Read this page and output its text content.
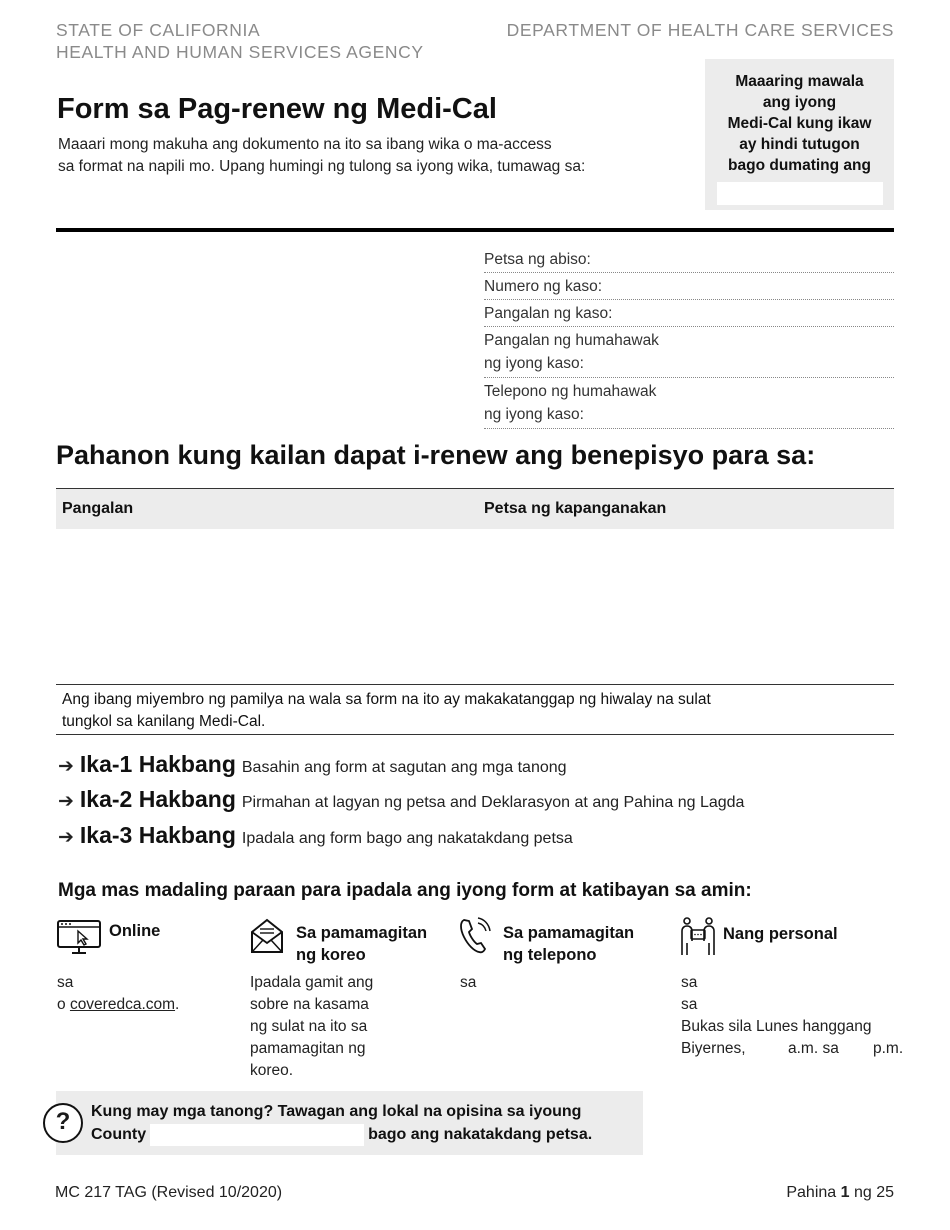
STATE OF CALIFORNIA
HEALTH AND HUMAN SERVICES AGENCY
DEPARTMENT OF HEALTH CARE SERVICES
Form sa Pag-renew ng Medi-Cal
Maaari mong makuha ang dokumento na ito sa ibang wika o ma-access
sa format na napili mo. Upang humingi ng tulong sa iyong wika, tumawag sa:
Maaaring mawala
ang iyong
Medi-Cal kung ikaw
ay hindi tutugon
bago dumating ang
Petsa ng abiso:
Numero ng kaso:
Pangalan ng kaso:
Pangalan ng humahawak
ng iyong kaso:
Telepono ng humahawak
ng iyong kaso:
Pahanon kung kailan dapat i-renew ang benepisyo para sa:
Pangalan	Petsa ng kapanganakan
Ang ibang miyembro ng pamilya na wala sa form na ito ay makakatanggap ng hiwalay na sulat
tungkol sa kanilang Medi-Cal.
➔ Ika-1 Hakbang Basahin ang form at sagutan ang mga tanong
➔ Ika-2 Hakbang Pirmahan at lagyan ng petsa and Deklarasyon at ang Pahina ng Lagda
➔ Ika-3 Hakbang Ipadala ang form bago ang nakatakdang petsa
Mga mas madaling paraan para ipadala ang iyong form at katibayan sa amin:
Online
sa
o coveredca.com.
Sa pamamagitan
ng koreo
Ipadala gamit ang
sobre na kasama
ng sulat na ito sa
pamamagitan ng
koreo.
Sa pamamagitan
ng telepono
sa
Nang personal
sa
sa
Bukas sila Lunes hanggang
Biyernes,	a.m. sa p.m.
Kung may mga tanong? Tawagan ang lokal na opisina sa iyoung
County	bago ang nakatakdang petsa.
?
MC 217 TAG (Revised 10/2020)	Pahina 1 ng 25
